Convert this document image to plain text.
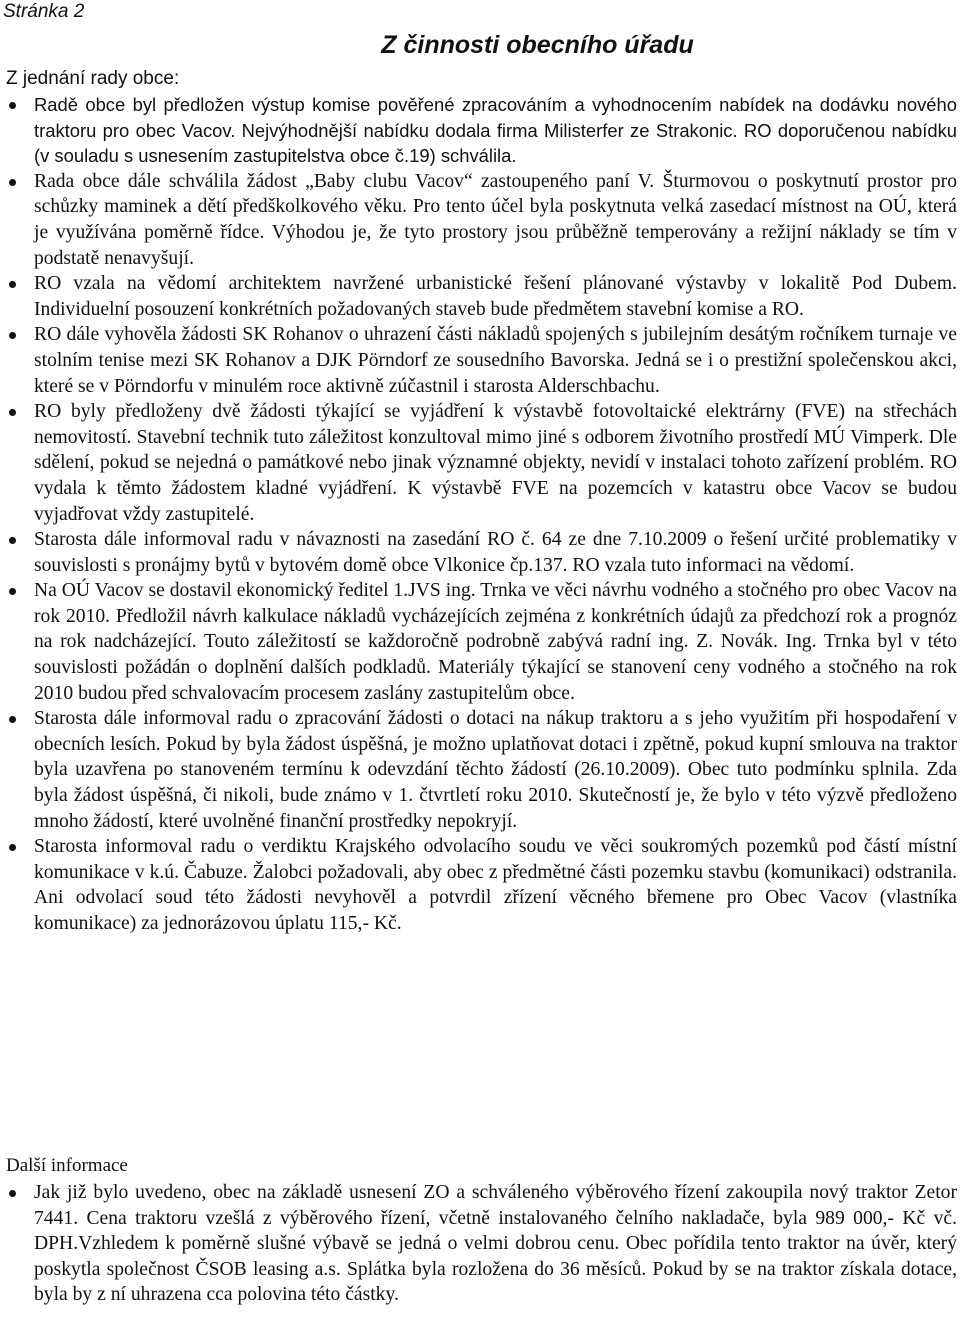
Stránka 2
Z činnosti obecního úřadu
Z jednání rady obce:
Radě obce byl předložen výstup komise pověřené zpracováním a vyhodnocením nabídek na dodávku nového traktoru pro obec Vacov. Nejvýhodnější nabídku dodala firma Milisterfer ze Strakonic. RO doporučenou nabídku (v souladu s usnesením zastupitelstva obce č.19) schválila.
Rada obce dále schválila žádost „Baby clubu Vacov“ zastoupeného paní V. Šturmovou o poskytnutí prostor pro schůzky maminek a dětí předškolkového věku. Pro tento účel byla poskytnuta velká zasedací místnost na OÚ, která je využívána poměrně řídce. Výhodou je, že tyto prostory jsou průběžně temperovány a režijní náklady se tím v podstatě nenavyšují.
RO vzala na vědomí architektem navržené urbanistické řešení plánované výstavby v lokalitě Pod Dubem. Individuelní posouzení konkrétních požadovaných staveb bude předmětem stavební komise a RO.
RO dále vyhověla žádosti SK Rohanov o uhrazení části nákladů spojených s jubilejním desátým ročníkem turnaje ve stolním tenise mezi SK Rohanov a DJK Pörndorf ze sousedního Bavorska. Jedná se i o prestižní společenskou akci, které se v Pörndorfu v minulém roce aktivně zúčastnil i starosta Alderschbachu.
RO byly předloženy dvě žádosti týkající se vyjádření k výstavbě fotovoltaické elektrárny (FVE) na střechách nemovitostí. Stavební technik tuto záležitost konzultoval mimo jiné s odborem životního prostředí MÚ Vimperk. Dle sdělení, pokud se nejedná o památkové nebo jinak významné objekty, nevidí v instalaci tohoto zařízení problém. RO vydala k těmto žádostem kladné vyjádření. K výstavbě FVE na pozemcích v katastru obce Vacov se budou vyjadřovat vždy zastupitelé.
Starosta dále informoval radu v návaznosti na zasedání RO č. 64 ze dne 7.10.2009 o řešení určité problematiky v souvislosti s pronájmy bytů v bytovém domě obce Vlkonice čp.137. RO vzala tuto informaci na vědomí.
Na OÚ Vacov se dostavil ekonomický ředitel 1.JVS ing. Trnka ve věci návrhu vodného a stočného pro obec Vacov na rok 2010. Předložil návrh kalkulace nákladů vycházejících zejména z konkrétních údajů za předchozí rok a prognóz na rok nadcházející. Touto záležitostí se každoročně podrobně zabývá radní ing. Z. Novák. Ing. Trnka byl v této souvislosti požádán o doplnění dalších podkladů. Materiály týkající se stanovení ceny vodného a stočného na rok 2010 budou před schvalovacím procesem zaslány zastupitelům obce.
Starosta dále informoval radu o zpracování žádosti o dotaci na nákup traktoru a s jeho využitím při hospodaření v obecních lesích. Pokud by byla žádost úspěšná, je možno uplatňovat dotaci i zpětně, pokud kupní smlouva na traktor byla uzavřena po stanoveném termínu k odevzdání těchto žádostí (26.10.2009). Obec tuto podmínku splnila. Zda byla žádost úspěšná, či nikoli, bude známo v 1. čtvrtletí roku 2010. Skutečností je, že bylo v této výzvě předloženo mnoho žádostí, které uvolněné finanční prostředky nepokryjí.
Starosta informoval radu o verdiktu Krajského odvolacího soudu ve věci soukromých pozemků pod částí místní komunikace v k.ú. Čabuze. Žalobci požadovali, aby obec z předmětné části pozemku stavbu (komunikaci) odstranila. Ani odvolací soud této žádosti nevyhověl a potvrdil zřízení věcného břemene pro Obec Vacov (vlastníka komunikace) za jednorázovou úplatu 115,- Kč.
Další informace
Jak již bylo uvedeno, obec na základě usnesení ZO a schváleného výběrového řízení zakoupila nový traktor Zetor 7441. Cena traktoru vzešlá z výběrového řízení, včetně instalovaného čelního nakladače, byla 989 000,- Kč vč. DPH.Vzhledem k poměrně slušné výbavě se jedná o velmi dobrou cenu. Obec pořídila tento traktor na úvěr, který poskytla společnost ČSOB leasing a.s. Splátka byla rozložena do 36 měsíců. Pokud by se na traktor získala dotace, byla by z ní uhrazena cca polovina této částky.
